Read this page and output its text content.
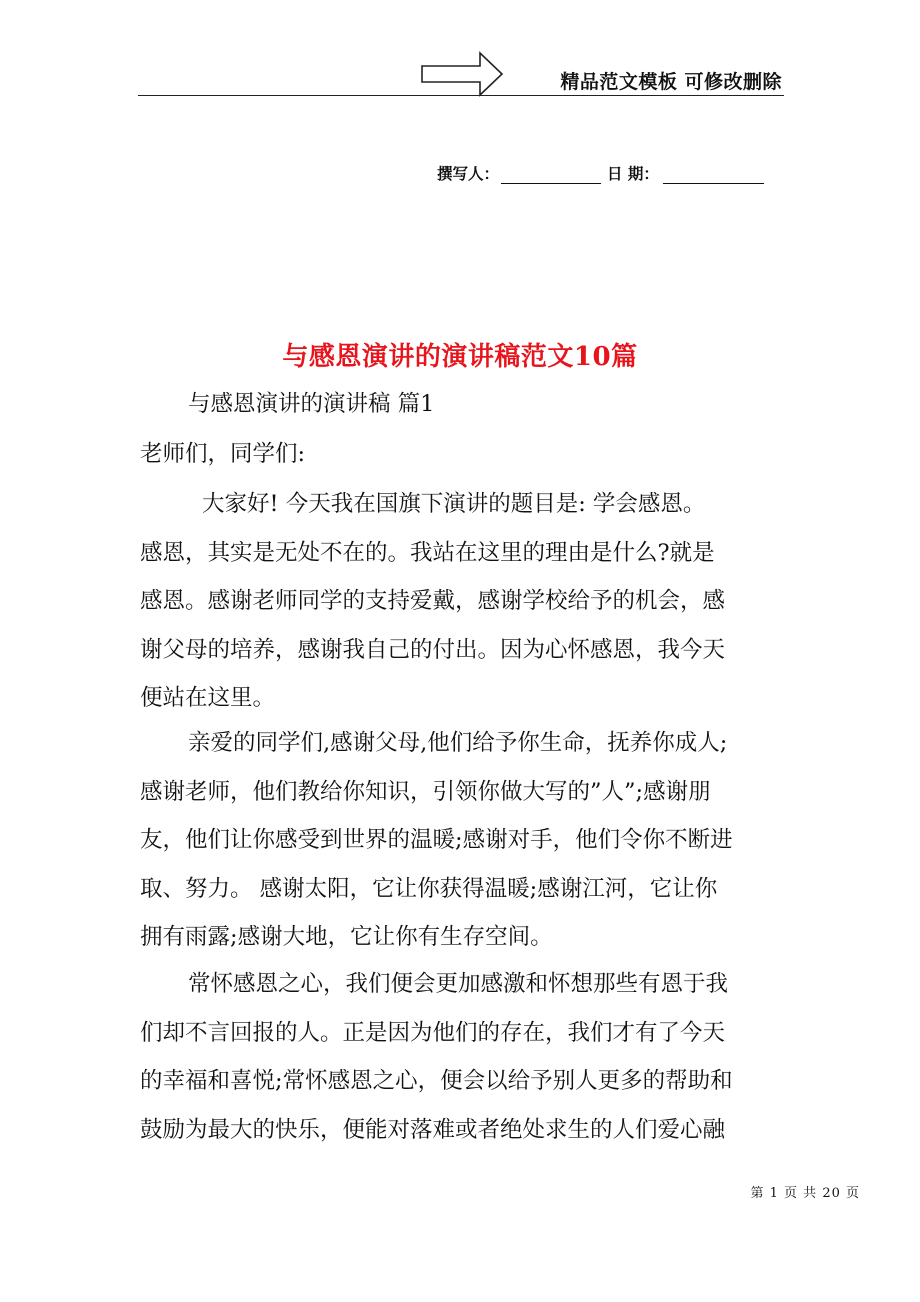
精品范文模板 可修改删除
撰写人：	日 期：
与感恩演讲的演讲稿范文10篇
与感恩演讲的演讲稿 篇1
老师们，同学们:
大家好! 今天我在国旗下演讲的题目是: 学会感恩。
感恩，其实是无处不在的。我站在这里的理由是什么?就是
感恩。感谢老师同学的支持爱戴，感谢学校给予的机会，感
谢父母的培养，感谢我自己的付出。因为心怀感恩，我今天
便站在这里。
亲爱的同学们,感谢父母,他们给予你生命，抚养你成人;
感谢老师，他们教给你知识，引领你做大写的”人”;感谢朋
友，他们让你感受到世界的温暖;感谢对手，他们令你不断进
取、努力。 感谢太阳，它让你获得温暖;感谢江河，它让你
拥有雨露;感谢大地，它让你有生存空间。
常怀感恩之心，我们便会更加感激和怀想那些有恩于我
们却不言回报的人。正是因为他们的存在，我们才有了今天
的幸福和喜悦;常怀感恩之心，便会以给予别人更多的帮助和
鼓励为最大的快乐，便能对落难或者绝处求生的人们爱心融
第 1 页 共 20 页
